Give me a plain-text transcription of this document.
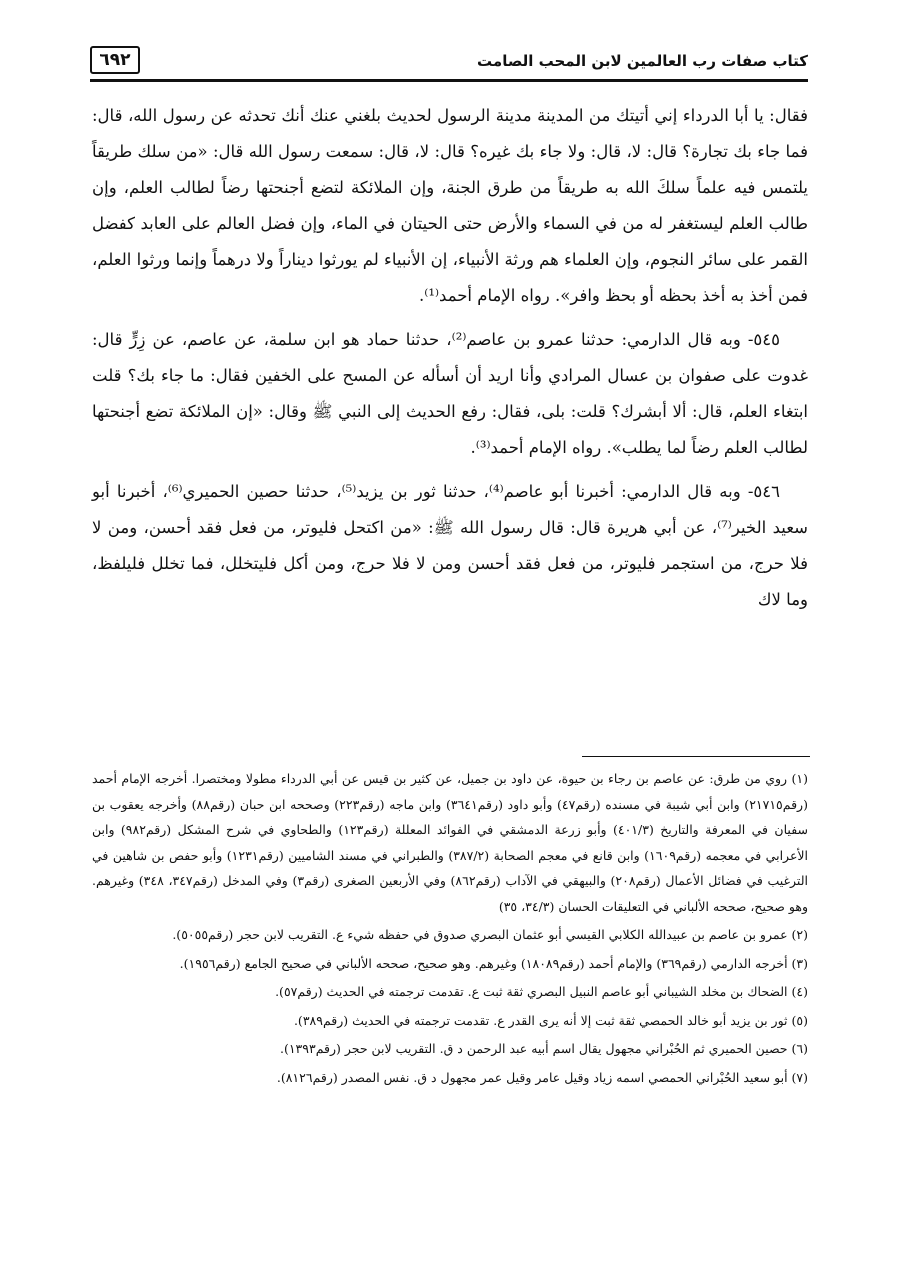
كتاب صفات رب العالمين لابن المحب الصامت
٦٩٢

فقال: يا أبا الدرداء إني أتيتك من المدينة مدينة الرسول لحديث بلغني عنك أنك تحدثه عن رسول الله، قال: فما جاء بك تجارة؟ قال: لا، قال: ولا جاء بك غيره؟ قال: لا، قال: سمعت رسول الله قال: «من سلك طريقاً يلتمس فيه علماً سلكَ الله به طريقاً من طرق الجنة، وإن الملائكة لتضع أجنحتها رضاً لطالب العلم، وإن طالب العلم ليستغفر له من في السماء والأرض حتى الحيتان في الماء، وإن فضل العالم على العابد كفضل القمر على سائر النجوم، وإن العلماء هم ورثة الأنبياء، إن الأنبياء لم يورثوا ديناراً ولا درهماً وإنما ورثوا العلم، فمن أخذ به أخذ بحظه أو بحظ وافر». رواه الإمام أحمد⁽¹⁾.

٥٤٥- وبه قال الدارمي: حدثنا عمرو بن عاصم⁽²⁾، حدثنا حماد هو ابن سلمة، عن عاصم، عن زِرٍّ قال: غدوت على صفوان بن عسال المرادي وأنا اريد أن أسأله عن المسح على الخفين فقال: ما جاء بك؟ قلت ابتغاء العلم، قال: ألا أبشرك؟ قلت: بلى، فقال: رفع الحديث إلى النبي ﷺ وقال: «إن الملائكة تضع أجنحتها لطالب العلم رضاً لما يطلب». رواه الإمام أحمد⁽³⁾.

٥٤٦- وبه قال الدارمي: أخبرنا أبو عاصم⁽⁴⁾، حدثنا ثور بن يزيد⁽⁵⁾، حدثنا حصين الحميري⁽⁶⁾، أخبرنا أبو سعيد الخير⁽⁷⁾، عن أبي هريرة قال: قال رسول الله ﷺ: «من اكتحل فليوتر، من فعل فقد أحسن، ومن لا فلا حرج، من استجمر فليوتر، من فعل فقد أحسن ومن لا فلا حرج، ومن أكل فليتخلل، فما تخلل فليلفظ، وما لاك

(١) روي من طرق: عن عاصم بن رجاء بن حيوة، عن داود بن جميل، عن كثير بن قيس عن أبي الدرداء مطولا ومختصرا. أخرجه الإمام أحمد (رقم٢١٧١٥) وابن أبي شيبة في مسنده (رقم٤٧) وأبو داود (رقم٣٦٤١) وابن ماجه (رقم٢٢٣) وصححه ابن حبان (رقم٨٨) وأخرجه يعقوب بن سفيان في المعرفة والتاريخ (٤٠١/٣) وأبو زرعة الدمشقي في الفوائد المعللة (رقم١٢٣) والطحاوي في شرح المشكل (رقم٩٨٢) وابن الأعرابي في معجمه (رقم١٦٠٩) وابن قانع في معجم الصحابة (٣٨٧/٢) والطبراني في مسند الشاميين (رقم١٢٣١) وأبو حفص بن شاهين في الترغيب في فضائل الأعمال (رقم٢٠٨) والبيهقي في الآداب (رقم٨٦٢) وفي الأربعين الصغرى (رقم٣) وفي المدخل (رقم٣٤٧، ٣٤٨) وغيرهم. وهو صحيح، صححه الألباني في التعليقات الحسان (٣٤/٣، ٣٥)

(٢) عمرو بن عاصم بن عبيدالله الكلابي القيسي أبو عثمان البصري صدوق في حفظه شيء ع. التقريب لابن حجر (رقم٥٠٥٥).

(٣) أخرجه الدارمي (رقم٣٦٩) والإمام أحمد (رقم١٨٠٨٩) وغيرهم. وهو صحيح، صححه الألباني في صحيح الجامع (رقم١٩٥٦).

(٤) الضحاك بن مخلد الشيباني أبو عاصم النبيل البصري ثقة ثبت ع. تقدمت ترجمته في الحديث (رقم٥٧).

(٥) ثور بن يزيد أبو خالد الحمصي ثقة ثبت إلا أنه يرى القدر ع. تقدمت ترجمته في الحديث (رقم٣٨٩).

(٦) حصين الحميري ثم الحُبْراني مجهول يقال اسم أبيه عبد الرحمن د ق. التقريب لابن حجر (رقم١٣٩٣).

(٧) أبو سعيد الحُبْراني الحمصي اسمه زياد وقيل عامر وقيل عمر مجهول د ق. نفس المصدر (رقم٨١٢٦).
